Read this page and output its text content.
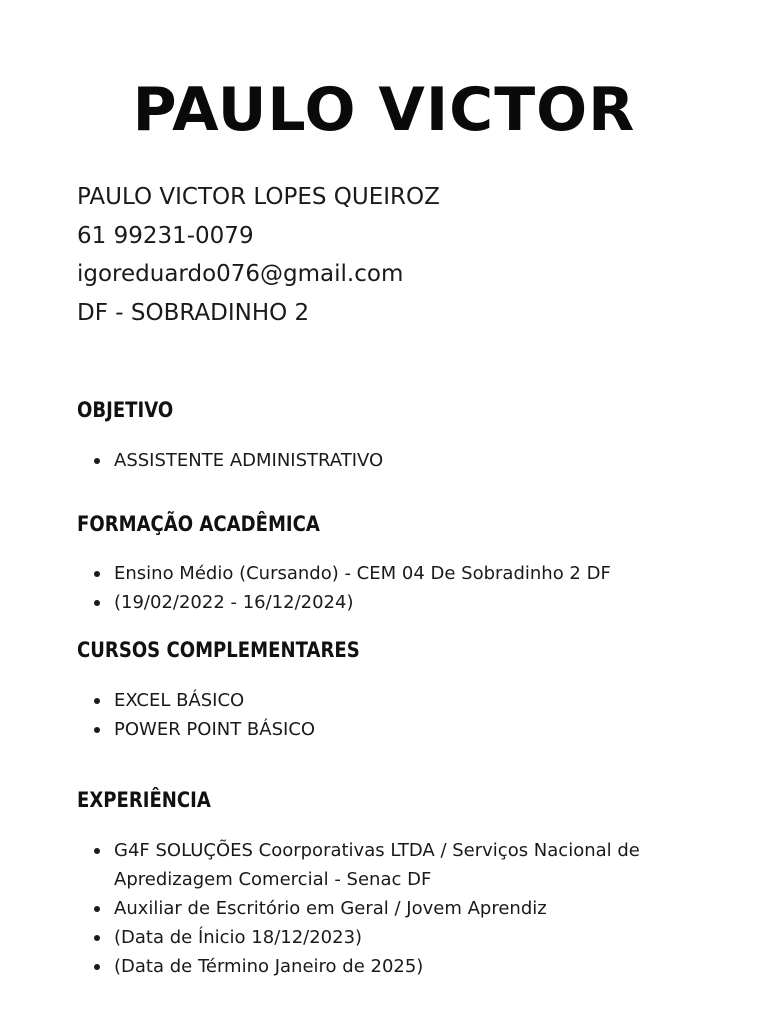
PAULO VICTOR
PAULO VICTOR LOPES QUEIROZ
61 99231-0079
igoreduardo076@gmail.com
DF - SOBRADINHO 2
OBJETIVO
ASSISTENTE ADMINISTRATIVO
FORMAÇÃO ACADÊMICA
Ensino Médio (Cursando) - CEM 04 De Sobradinho 2 DF
(19/02/2022 - 16/12/2024)
CURSOS COMPLEMENTARES
EXCEL BÁSICO
POWER POINT BÁSICO
EXPERIÊNCIA
G4F SOLUÇÕES Coorporativas LTDA / Serviços Nacional de
Apredizagem Comercial - Senac DF
Auxiliar de Escritório em Geral / Jovem Aprendiz
(Data de Ínicio 18/12/2023)
(Data de Término Janeiro de 2025)
